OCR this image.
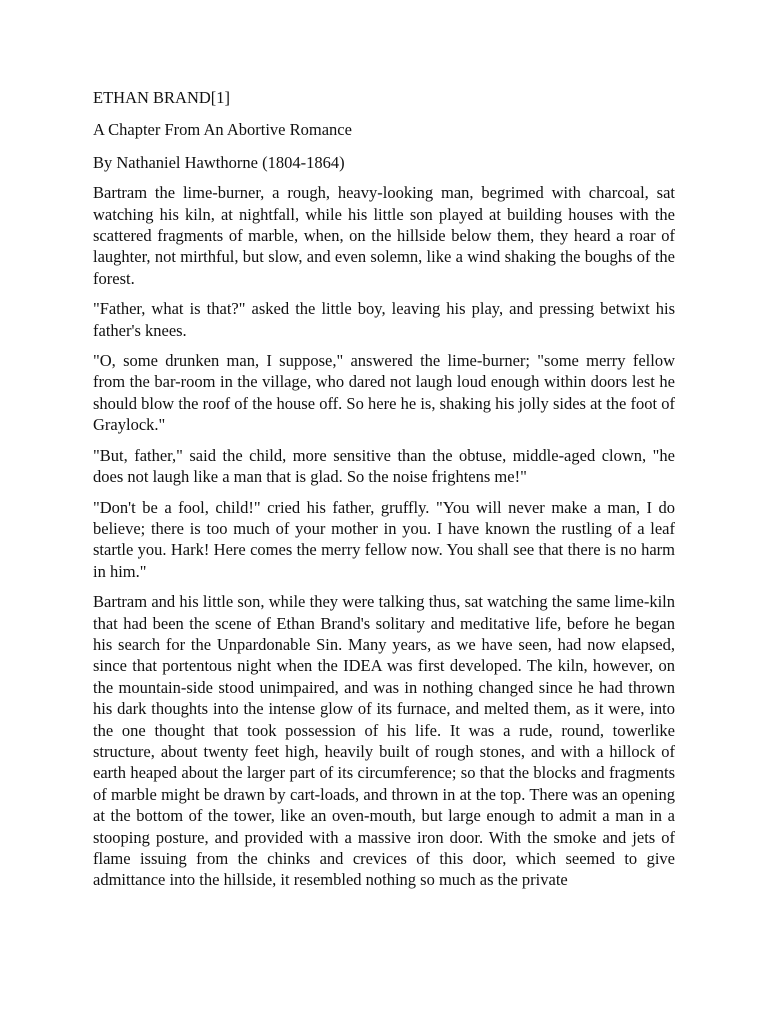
ETHAN BRAND[1]

A Chapter From An Abortive Romance

By Nathaniel Hawthorne (1804-1864)

Bartram the lime-burner, a rough, heavy-looking man, begrimed with charcoal, sat watching his kiln, at nightfall, while his little son played at building houses with the scattered fragments of marble, when, on the hillside below them, they heard a roar of laughter, not mirthful, but slow, and even solemn, like a wind shaking the boughs of the forest.

"Father, what is that?" asked the little boy, leaving his play, and pressing betwixt his father's knees.

"O, some drunken man, I suppose," answered the lime-burner; "some merry fellow from the bar-room in the village, who dared not laugh loud enough within doors lest he should blow the roof of the house off. So here he is, shaking his jolly sides at the foot of Graylock."

"But, father," said the child, more sensitive than the obtuse, middle-aged clown, "he does not laugh like a man that is glad. So the noise frightens me!"

"Don't be a fool, child!" cried his father, gruffly. "You will never make a man, I do believe; there is too much of your mother in you. I have known the rustling of a leaf startle you. Hark! Here comes the merry fellow now. You shall see that there is no harm in him."

Bartram and his little son, while they were talking thus, sat watching the same lime-kiln that had been the scene of Ethan Brand's solitary and meditative life, before he began his search for the Unpardonable Sin. Many years, as we have seen, had now elapsed, since that portentous night when the IDEA was first developed. The kiln, however, on the mountain-side stood unimpaired, and was in nothing changed since he had thrown his dark thoughts into the intense glow of its furnace, and melted them, as it were, into the one thought that took possession of his life. It was a rude, round, towerlike structure, about twenty feet high, heavily built of rough stones, and with a hillock of earth heaped about the larger part of its circumference; so that the blocks and fragments of marble might be drawn by cart-loads, and thrown in at the top. There was an opening at the bottom of the tower, like an oven-mouth, but large enough to admit a man in a stooping posture, and provided with a massive iron door. With the smoke and jets of flame issuing from the chinks and crevices of this door, which seemed to give admittance into the hillside, it resembled nothing so much as the private
